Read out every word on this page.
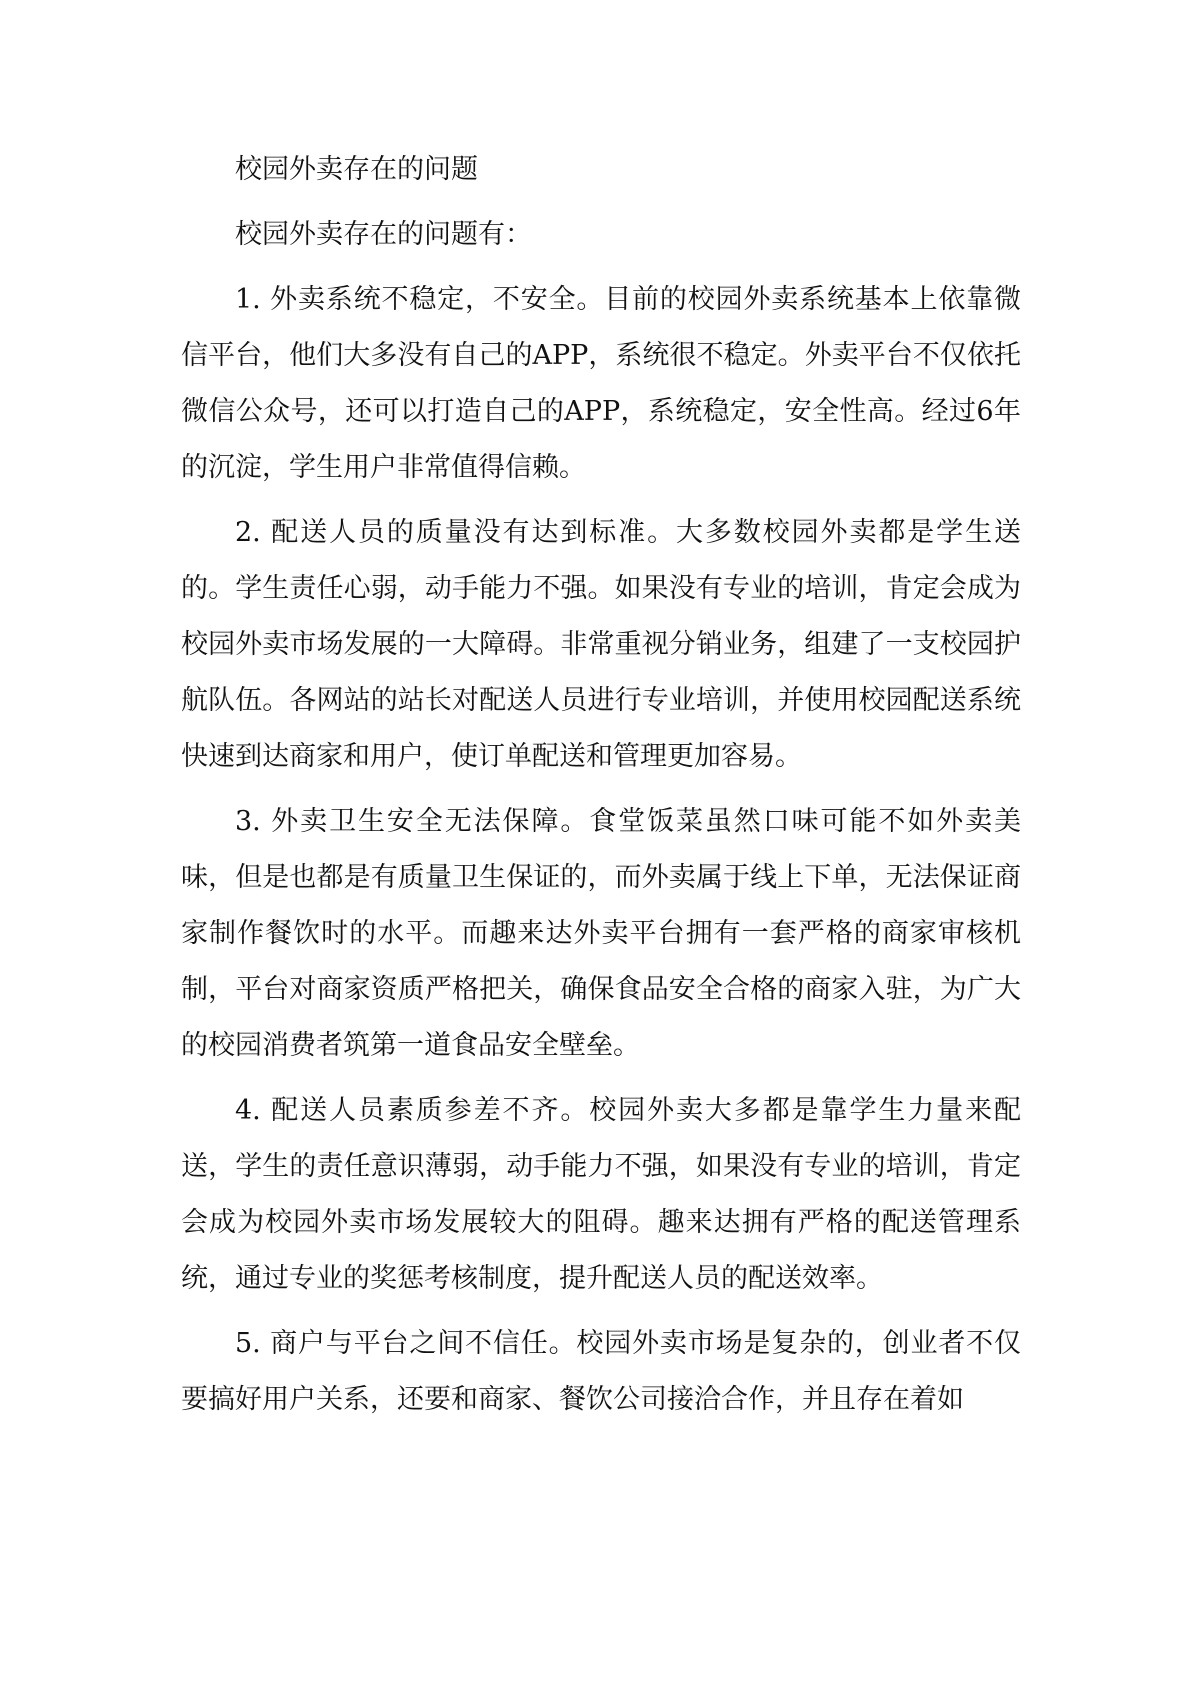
校园外卖存在的问题

校园外卖存在的问题有：

1. 外卖系统不稳定，不安全。目前的校园外卖系统基本上依靠微信平台，他们大多没有自己的APP，系统很不稳定。外卖平台不仅依托微信公众号，还可以打造自己的APP，系统稳定，安全性高。经过6年的沉淀，学生用户非常值得信赖。

2. 配送人员的质量没有达到标准。大多数校园外卖都是学生送的。学生责任心弱，动手能力不强。如果没有专业的培训，肯定会成为校园外卖市场发展的一大障碍。非常重视分销业务，组建了一支校园护航队伍。各网站的站长对配送人员进行专业培训，并使用校园配送系统快速到达商家和用户，使订单配送和管理更加容易。

3. 外卖卫生安全无法保障。食堂饭菜虽然口味可能不如外卖美味，但是也都是有质量卫生保证的，而外卖属于线上下单，无法保证商家制作餐饮时的水平。而趣来达外卖平台拥有一套严格的商家审核机制，平台对商家资质严格把关，确保食品安全合格的商家入驻，为广大的校园消费者筑第一道食品安全壁垒。

4. 配送人员素质参差不齐。校园外卖大多都是靠学生力量来配送，学生的责任意识薄弱，动手能力不强，如果没有专业的培训，肯定会成为校园外卖市场发展较大的阻碍。趣来达拥有严格的配送管理系统，通过专业的奖惩考核制度，提升配送人员的配送效率。

5. 商户与平台之间不信任。校园外卖市场是复杂的，创业者不仅要搞好用户关系，还要和商家、餐饮公司接洽合作，并且存在着如
